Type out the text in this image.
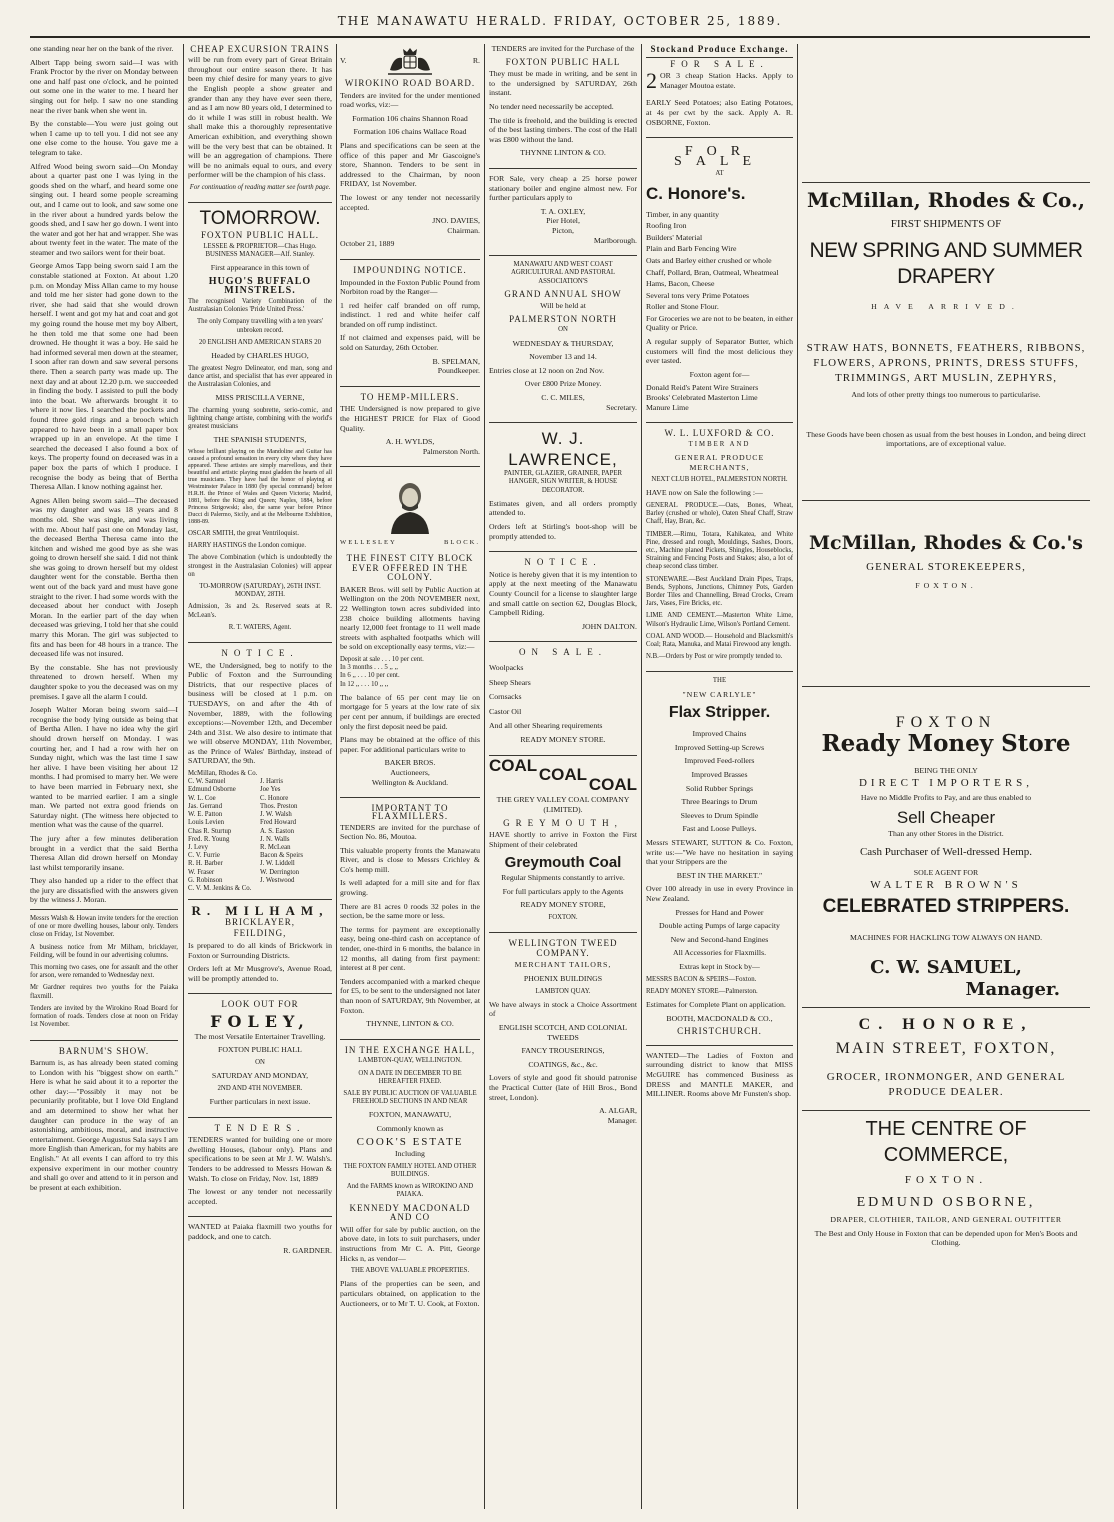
THE MANAWATU HERALD. FRIDAY, OCTOBER 25, 1889.

one standing near her on the bank of the river.

Albert Tapp being sworn said—I was with Frank Proctor by the river on Monday between one and half past one o'clock, and he pointed out some one in the water to me. I heard her singing out for help. I saw no one standing near the river bank when she went in.

By the constable—You were just going out when I came up to tell you. I did not see any one else come to the house. You gave me a telegram to take.

Alfred Wood being sworn said—On Monday about a quarter past one I was lying in the goods shed on the wharf, and heard some one singing out. I heard some people screaming out, and I came out to look, and saw some one in the river about a hundred yards below the goods shed, and I saw her go down. I went into the water and got her hat and wrapper. She was about twenty feet in the water. The mate of the steamer and two sailors went for their boat.

George Amos Tapp being sworn said I am the constable stationed at Foxton. At about 1.20 p.m. on Monday Miss Allan came to my house and told me her sister had gone down to the river, she had said that she would drown herself. I went and got my hat and coat and got my going round the house met my boy Albert, he then told me that some one had been drowned. He thought it was a boy. He said he had informed several men down at the steamer, I soon after ran down and saw several persons there. Then a search party was made up. The next day and at about 12.20 p.m. we succeeded in finding the body. I assisted to pull the body into the boat. We afterwards brought it to where it now lies. I searched the pockets and found three gold rings and a brooch which appeared to have been in a small paper box wrapped up in an envelope. At the time I searched the deceased I also found a box of keys. The property found on deceased was in a paper box the parts of which I produce. I recognise the body as being that of Bertha Theresa Allan. I know nothing against her.

Agnes Allen being sworn said—The deceased was my daughter and was 18 years and 8 months old. She was single, and was living with me. About half past one on Monday last, the deceased Bertha Theresa came into the kitchen and wished me good bye as she was going to drown herself she said. I did not think she was going to drown herself but my oldest daughter went for the constable. Bertha then went out of the back yard and must have gone straight to the river. I had some words with the deceased about her conduct with Joseph Moran. In the earlier part of the day when deceased was grieving, I told her that she could marry this Moran. The girl was subjected to fits and has been for 48 hours in a trance. The deceased life was not insured.

By the constable. She has not previously threatened to drown herself. When my daughter spoke to you the deceased was on my premises. I gave all the alarm I could.

Joseph Walter Moran being sworn said—I recognise the body lying outside as being that of Bertha Allen. I have no idea why the girl should drown herself on Monday. I was courting her, and I had a row with her on Sunday night, which was the last time I saw her alive. I have been visiting her about 12 months. I had promised to marry her. We were to have been married in February next, she wanted to be married earlier. I am a single man. We parted not extra good friends on Saturday night. (The witness here objected to mention what was the cause of the quarrel.

The jury after a few minutes deliberation brought in a verdict that the said Bertha Theresa Allan did drown herself on Monday last whilst temporarily insane.

They also handed up a rider to the effect that the jury are dissatisfied with the answers given by the witness J. Moran.

Messrs Walsh & Howan invite tenders for the erection of one or more dwelling houses, labour only. Tenders close on Friday, 1st November.

A business notice from Mr Milham, bricklayer, Feilding, will be found in our advertising columns.

This morning two cases, one for assault and the other for arson, were remanded to Wednesday next.

Mr Gardner requires two youths for the Paiaka flaxmill.

Tenders are invited by the Wirokino Road Board for formation of roads. Tenders close at noon on Friday 1st November.

BARNUM'S SHOW.

Barnum is, as has already been stated coming to London with his "biggest show on earth." Here is what he said about it to a reporter the other day:—"Possibly it may not be pecuniarily profitable, but I love Old England and am determined to show her what her daughter can produce in the way of an astonishing, ambitious, moral, and instructive entertainment. George Augustus Sala says I am more English than American, for my habits are English." At all events I can afford to try this expensive experiment in our mother country and shall go over and attend to it in person and be present at each exhibition.

CHEAP EXCURSION TRAINS

will be run from every part of Great Britain throughout our entire season there. It has been my chief desire for many years to give the English people a show greater and grander than any they have ever seen there, and as I am now 80 years old, I determined to do it while I was still in robust health. We shall make this a thoroughly representative American exhibition, and everything shown will be the very best that can be obtained. It will be an aggregation of champions. There will be no animals equal to ours, and every performer will be the champion of his class.

For continuation of reading matter see fourth page.

TOMORROW.
FOXTON PUBLIC HALL.

LESSEE & PROPRIETOR—Chas Hugo. BUSINESS MANAGER—Alf. Stanley.

First appearance in this town of

HUGO'S BUFFALO MINSTRELS.

The recognised Variety Combination of the Australasian Colonies 'Pride United Press.'

The only Company travelling with a ten years' unbroken record.

20 ENGLISH AND AMERICAN STARS 20

Headed by CHARLES HUGO,

The greatest Negro Delineator, end man, song and dance artist, and specialist that has ever appeared in the Australasian Colonies, and

MISS PRISCILLA VERNE,

The charming young soubrette, serio-comic, and lightning change artiste, combining with the world's greatest musicians

THE SPANISH STUDENTS,

Whose brilliant playing on the Mandoline and Guitar has caused a profound sensation in every city where they have appeared. These artistes are simply marvellous, and their beautiful and artistic playing must gladden the hearts of all true musicians. They have had the honor of playing at Westminster Palace in 1880 (by special command) before H.R.H. the Prince of Wales and Queen Victoria; Madrid, 1881, before the King and Queen; Naples, 1884, before Princess Strigowski; also, the same year before Prince Ducci di Palermo, Sicily, and at the Melbourne Exhibition, 1888-89.

OSCAR SMITH, the great Ventriloquist.

HARRY HASTINGS the London comique.

The above Combination (which is undoubtedly the strongest in the Australasian Colonies) will appear on

TO-MORROW (SATURDAY), 26TH INST. MONDAY, 28TH.

Admission, 3s and 2s. Reserved seats at R. McLean's.

R. T. WATERS, Agent.

NOTICE.

WE, the Undersigned, beg to notify to the Public of Foxton and the Surrounding Districts, that our respective places of business will be closed at 1 p.m. on TUESDAYS, on and after the 4th of November, 1889, with the following exceptions:—November 12th, and December 24th and 31st. We also desire to intimate that we will observe MONDAY, 11th November, as the Prince of Wales' Birthday, instead of SATURDAY, the 9th.

McMillan, Rhodes & Co.
C. W. Samuel	J. Harris
Edmund Osborne	Joe Yes
W. L. Coe	C. Honore
Jas. Gerrand	Thos. Preston
W. E. Patton	J. W. Walsh
Louis Levien	Fred Howard
Chas R. Sturtup	A. S. Easton
Fred. R. Young	J. N. Walls
J. Levy	R. McLean
C. V. Furrie	Bacon & Speirs
R. H. Barber	J. W. Liddell
W. Fraser	W. Derrington
G. Robinson	J. Westwood
C. V. M. Jenkins & Co.
R. MILHAM,
BRICKLAYER,
FEILDING,

Is prepared to do all kinds of Brickwork in Foxton or Surrounding Districts.

Orders left at Mr Musgrove's, Avenue Road, will be promptly attended to.

LOOK OUT FOR
FOLEY,

The most Versatile Entertainer Travelling.

FOXTON PUBLIC HALL

ON

SATURDAY AND MONDAY,

2ND AND 4TH NOVEMBER.

Further particulars in next issue.

TENDERS.

TENDERS wanted for building one or more dwelling Houses, (labour only). Plans and specifications to be seen at Mr J. W. Walsh's. Tenders to be addressed to Messrs Howan & Walsh. To close on Friday, Nov. 1st, 1889

The lowest or any tender not necessarily accepted.

WANTED at Paiaka flaxmill two youths for paddock, and one to catch.

R. GARDNER.

V.	R.
WIROKINO ROAD BOARD.

Tenders are invited for the under mentioned road works, viz:—

Formation 106 chains Shannon Road

Formation 106 chains Wallace Road

Plans and specifications can be seen at the office of this paper and Mr Gascoigne's store, Shannon. Tenders to be sent in addressed to the Chairman, by noon FRIDAY, 1st November.

The lowest or any tender not necessarily accepted.

JNO. DAVIES,

Chairman.

October 21, 1889

IMPOUNDING NOTICE.

Impounded in the Foxton Public Pound from Norbiton road by the Ranger—

1 red heifer calf branded on off rump, indistinct. 1 red and white heifer calf branded on off rump indistinct.

If not claimed and expenses paid, will be sold on Saturday, 26th October.

B. SPELMAN,

Poundkeeper.

TO HEMP-MILLERS.

THE Undersigned is now prepared to give the HIGHEST PRICE for Flax of Good Quality.

A. H. WYLDS,

Palmerston North.

WELLESLEY	BLOCK.
THE FINEST CITY BLOCK EVER OFFERED IN THE COLONY.

BAKER Bros. will sell by Public Auction at Wellington on the 20th NOVEMBER next, 22 Wellington town acres subdivided into 238 choice building allotments having nearly 12,000 feet frontage to 11 well made streets with asphalted footpaths which will be sold on exceptionally easy terms, viz:—

Deposit at sale . . . 10 per cent.

In 3 months . . . 5 ,, ,,

In 6 ,, . . . 10 per cent.

In 12 ,, . . . 10 ,, ,,

The balance of 65 per cent may lie on mortgage for 5 years at the low rate of six per cent per annum, if buildings are erected only the first deposit need be paid.

Plans may be obtained at the office of this paper. For additional particulars write to

BAKER BROS.

Auctioneers,

Wellington & Auckland.

IMPORTANT TO FLAXMILLERS.

TENDERS are invited for the purchase of Section No. 86, Moutoa.

This valuable property fronts the Manawatu River, and is close to Messrs Crichley & Co's hemp mill.

Is well adapted for a mill site and for flax growing.

There are 81 acres 0 roods 32 poles in the section, be the same more or less.

The terms for payment are exceptionally easy, being one-third cash on acceptance of tender, one-third in 6 months, the balance in 12 months, all dating from first payment: interest at 8 per cent.

Tenders accompanied with a marked cheque for £5, to be sent to the undersigned not later than noon of SATURDAY, 9th November, at Foxton.

THYNNE, LINTON & CO.

IN THE EXCHANGE HALL,

LAMBTON-QUAY, WELLINGTON.

ON A DATE IN DECEMBER TO BE HEREAFTER FIXED.

SALE BY PUBLIC AUCTION OF VALUABLE FREEHOLD SECTIONS IN AND NEAR

FOXTON, MANAWATU,

Commonly known as

COOK'S ESTATE

Including

THE FOXTON FAMILY HOTEL AND OTHER BUILDINGS.

And the FARMS known as WIROKINO AND PAIAKA.

KENNEDY MACDONALD AND CO

Will offer for sale by public auction, on the above date, in lots to suit purchasers, under instructions from Mr C. A. Pitt, George Hicks n, as vendor—

THE ABOVE VALUABLE PROPERTIES.

Plans of the properties can be seen, and particulars obtained, on application to the Auctioneers, or to Mr T. U. Cook, at Foxton.

TENDERS are invited for the Purchase of the

FOXTON PUBLIC HALL

They must be made in writing, and be sent in to the undersigned by SATURDAY, 26th instant.

No tender need necessarily be accepted.

The title is freehold, and the building is erected of the best lasting timbers. The cost of the Hall was £800 without the land.

THYNNE LINTON & CO.

FOR Sale, very cheap a 25 horse power stationary boiler and engine almost new. For further particulars apply to

T. A. OXLEY,

Pier Hotel,

Picton,

Marlborough.

MANAWATU AND WEST COAST AGRICULTURAL AND PASTORAL ASSOCIATION'S

GRAND ANNUAL SHOW

Will be held at

PALMERSTON NORTH

ON

WEDNESDAY & THURSDAY,

November 13 and 14.

Entries close at 12 noon on 2nd Nov.

Over £800 Prize Money.

C. C. MILES,

Secretary.

W. J. LAWRENCE,

PAINTER, GLAZIER, GRAINER, PAPER HANGER, SIGN WRITER, & HOUSE DECORATOR.

Estimates given, and all orders promptly attended to.

Orders left at Stirling's boot-shop will be promptly attended to.

NOTICE.

Notice is hereby given that it is my intention to apply at the next meeting of the Manawatu County Council for a license to slaughter large and small cattle on section 62, Douglas Block, Campbell Riding.

JOHN DALTON.

ON SALE.

Woolpacks

Sheep Shears

Cornsacks

Castor Oil

And all other Shearing requirements

READY MONEY STORE.

COAL
COAL
COAL

THE GREY VALLEY COAL COMPANY (LIMITED).

GREYMOUTH,

HAVE shortly to arrive in Foxton the First Shipment of their celebrated

Greymouth Coal

Regular Shipments constantly to arrive.

For full particulars apply to the Agents

READY MONEY STORE,

FOXTON.

WELLINGTON TWEED COMPANY.

MERCHANT TAILORS,

PHOENIX BUILDINGS

LAMBTON QUAY.

We have always in stock a Choice Assortment of

ENGLISH SCOTCH, AND COLONIAL TWEEDS

FANCY TROUSERINGS,

COATINGS, &c., &c.

Lovers of style and good fit should patronise the Practical Cutter (late of Hill Bros., Bond street, London).

A. ALGAR,

Manager.

Stockand Produce Exchange.
FOR SALE.

2 OR 3 cheap Station Hacks. Apply to Manager Moutoa estate.

EARLY Seed Potatoes; also Eating Potatoes, at 4s per cwt by the sack. Apply A. R. OSBORNE, Foxton.

FOR SALE

AT

C. Honore's.

Timber, in any quantity

Roofing Iron

Builders' Material

Plain and Barb Fencing Wire

Oats and Barley either crushed or whole

Chaff, Pollard, Bran, Oatmeal, Wheatmeal

Hams, Bacon, Cheese

Several tons very Prime Potatoes

Roller and Stone Flour.

For Groceries we are not to be beaten, in either Quality or Price.

A regular supply of Separator Butter, which customers will find the most delicious they ever tasted.

Foxton agent for—

Donald Reid's Patent Wire Strainers

Brooks' Celebrated Masterton Lime

Manure Lime

W. L. LUXFORD & CO.

TIMBER AND

GENERAL PRODUCE MERCHANTS,

NEXT CLUB HOTEL, PALMERSTON NORTH.

HAVE now on Sale the following :—

GENERAL PRODUCE.—Oats, Bones, Wheat, Barley (crushed or whole), Oaten Sheaf Chaff, Straw Chaff, Hay, Bran, &c.

TIMBER.—Rimu, Totara, Kahikatea, and White Pine, dressed and rough, Mouldings, Sashes, Doors, etc., Machine planed Pickets, Shingles, Houseblocks, Straining and Fencing Posts and Stakes; also, a lot of cheap second class timber.

STONEWARE.—Best Auckland Drain Pipes, Traps, Bends, Syphons, Junctions, Chimney Pots, Garden Border Tiles and Channelling, Bread Crocks, Cream Jars, Vases, Fire Bricks, etc.

LIME AND CEMENT.—Masterton White Lime, Wilson's Hydraulic Lime, Wilson's Portland Cement.

COAL AND WOOD.— Household and Blacksmith's Coal; Rata, Manuka, and Matai Firewood any length.

N.B.—Orders by Post or wire promptly tended to.

THE

"NEW CARLYLE"

Flax Stripper.

Improved Chains

Improved Setting-up Screws

Improved Feed-rollers

Improved Brasses

Solid Rubber Springs

Three Bearings to Drum

Sleeves to Drum Spindle

Fast and Loose Pulleys.

Messrs STEWART, SUTTON & Co. Foxton, write us:—"We have no hesitation in saying that your Strippers are the

BEST IN THE MARKET."

Over 100 already in use in every Province in New Zealand.

Presses for Hand and Power

Double acting Pumps of large capacity

New and Second-hand Engines

All Accessories for Flaxmills.

Extras kept in Stock by—

MESSRS BACON & SPEIRS—Foxton.

READY MONEY STORE—Palmerston.

Estimates for Complete Plant on application.

BOOTH, MACDONALD & CO.,

CHRISTCHURCH.

WANTED—The Ladies of Foxton and surrounding district to know that MISS McGUIRE has commenced Business as DRESS and MANTLE MAKER, and MILLINER. Rooms above Mr Funsten's shop.

McMillan, Rhodes & Co.,

FIRST SHIPMENTS OF

NEW SPRING AND SUMMER DRAPERY

HAVE ARRIVED.

STRAW HATS, BONNETS, FEATHERS, RIBBONS, FLOWERS, APRONS, PRINTS, DRESS STUFFS, TRIMMINGS, ART MUSLIN, ZEPHYRS,

And lots of other pretty things too numerous to particularise.

These Goods have been chosen as usual from the best houses in London, and being direct importations, are of exceptional value.

McMillan, Rhodes & Co.'s

GENERAL STOREKEEPERS,

FOXTON.

FOXTON
Ready Money Store

BEING THE ONLY

DIRECT IMPORTERS,

Have no Middle Profits to Pay, and are thus enabled to

Sell Cheaper

Than any other Stores in the District.

Cash Purchaser of Well-dressed Hemp.

SOLE AGENT FOR

WALTER BROWN'S

CELEBRATED STRIPPERS.

MACHINES FOR HACKLING TOW ALWAYS ON HAND.

C. W. SAMUEL,
Manager.
C. HONORE,
MAIN STREET, FOXTON,

GROCER, IRONMONGER, AND GENERAL PRODUCE DEALER.

THE CENTRE OF COMMERCE,

FOXTON.

EDMUND OSBORNE,

DRAPER, CLOTHIER, TAILOR, AND GENERAL OUTFITTER

The Best and Only House in Foxton that can be depended upon for Men's Boots and Clothing.
